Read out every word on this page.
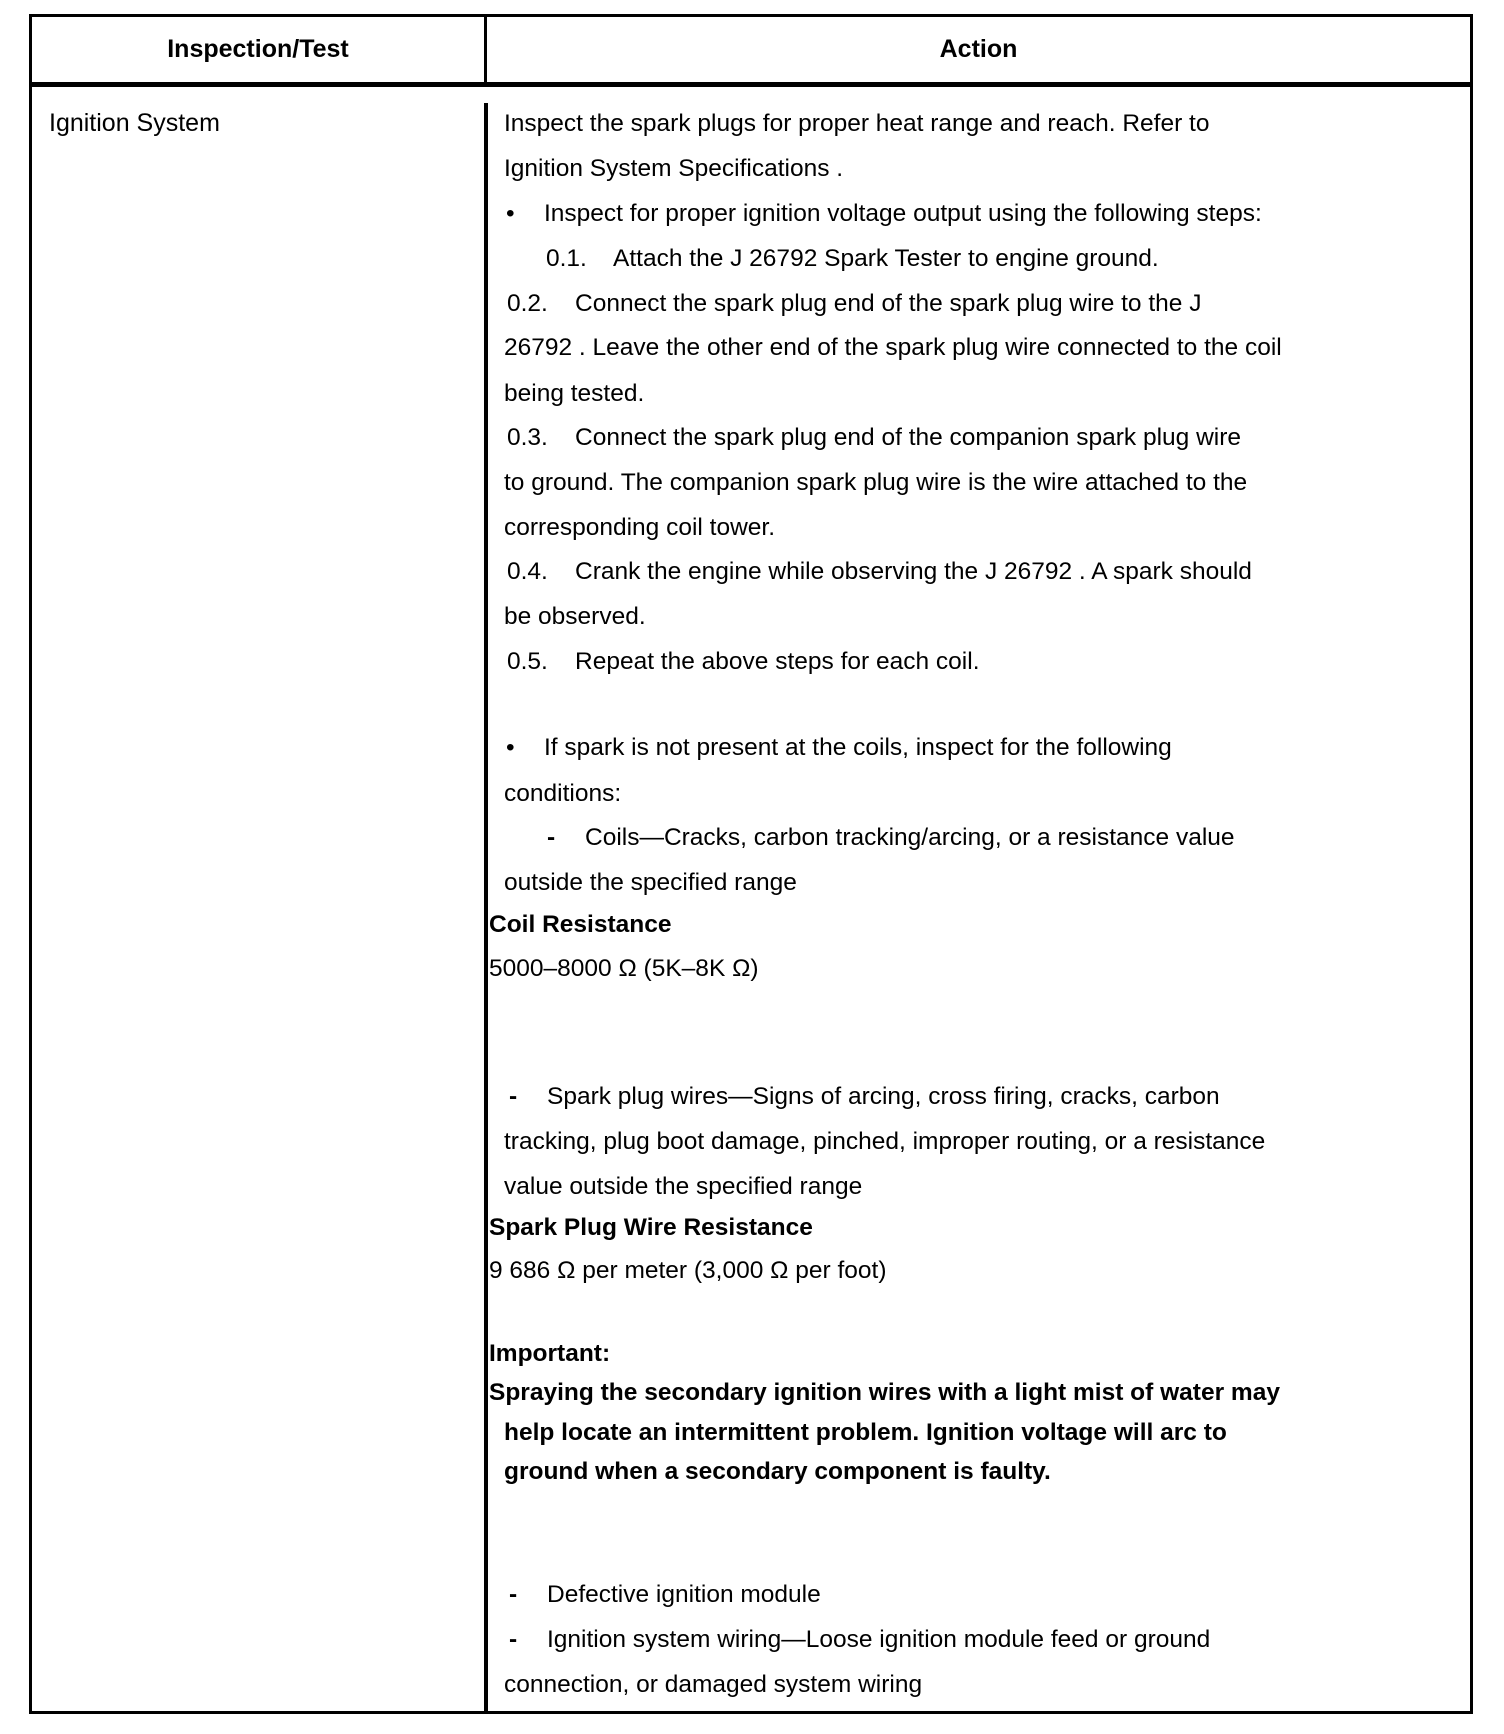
Inspection/Test	Action
Ignition System	Inspect the spark plugs for proper heat range and reach. Refer to
Ignition System Specifications .
• Inspect for proper ignition voltage output using the following steps:
0.1. Attach the J 26792 Spark Tester to engine ground.
0.2. Connect the spark plug end of the spark plug wire to the J
26792 . Leave the other end of the spark plug wire connected to the coil
being tested.
0.3. Connect the spark plug end of the companion spark plug wire
to ground. The companion spark plug wire is the wire attached to the
corresponding coil tower.
0.4. Crank the engine while observing the J 26792 . A spark should
be observed.
0.5. Repeat the above steps for each coil.
• If spark is not present at the coils, inspect for the following
conditions:
- Coils—Cracks, carbon tracking/arcing, or a resistance value
outside the specified range
Coil Resistance
5000–8000 Ω (5K–8K Ω)
- Spark plug wires—Signs of arcing, cross firing, cracks, carbon
tracking, plug boot damage, pinched, improper routing, or a resistance
value outside the specified range
Spark Plug Wire Resistance
9 686 Ω per meter (3,000 Ω per foot)
Important:
Spraying the secondary ignition wires with a light mist of water may
help locate an intermittent problem. Ignition voltage will arc to
ground when a secondary component is faulty.
- Defective ignition module
- Ignition system wiring—Loose ignition module feed or ground
connection, or damaged system wiring
